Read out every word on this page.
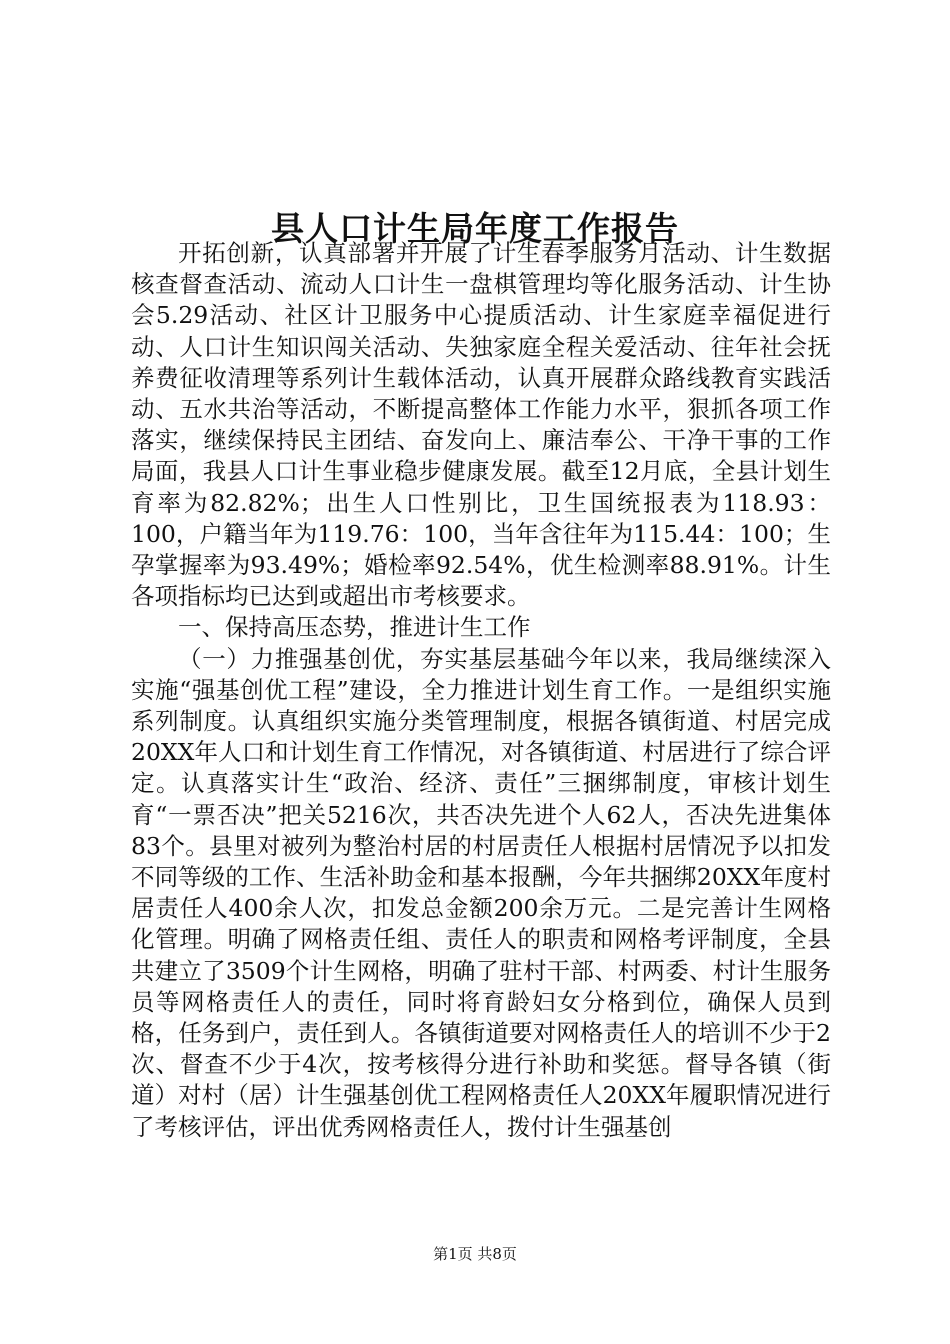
县人口计生局年度工作报告

开拓创新，认真部署并开展了计生春季服务月活动、计生数据核查督查活动、流动人口计生一盘棋管理均等化服务活动、计生协会5.29活动、社区计卫服务中心提质活动、计生家庭幸福促进行动、人口计生知识闯关活动、失独家庭全程关爱活动、往年社会抚养费征收清理等系列计生载体活动，认真开展群众路线教育实践活动、五水共治等活动，不断提高整体工作能力水平，狠抓各项工作落实，继续保持民主团结、奋发向上、廉洁奉公、干净干事的工作局面，我县人口计生事业稳步健康发展。截至12月底，全县计划生育率为82.82%；出生人口性别比，卫生国统报表为118.93：100，户籍当年为119.76：100，当年含往年为115.44：100；生孕掌握率为93.49%；婚检率92.54%，优生检测率88.91%。计生各项指标均已达到或超出市考核要求。

一、保持高压态势，推进计生工作

（一）力推强基创优，夯实基层基础今年以来，我局继续深入实施“强基创优工程”建设，全力推进计划生育工作。一是组织实施系列制度。认真组织实施分类管理制度，根据各镇街道、村居完成20XX年人口和计划生育工作情况，对各镇街道、村居进行了综合评定。认真落实计生“政治、经济、责任”三捆绑制度，审核计划生育“一票否决”把关5216次，共否决先进个人62人，否决先进集体83个。县里对被列为整治村居的村居责任人根据村居情况予以扣发不同等级的工作、生活补助金和基本报酬，今年共捆绑20XX年度村居责任人400余人次，扣发总金额200余万元。二是完善计生网格化管理。明确了网格责任组、责任人的职责和网格考评制度，全县共建立了3509个计生网格，明确了驻村干部、村两委、村计生服务员等网格责任人的责任，同时将育龄妇女分格到位，确保人员到格，任务到户，责任到人。各镇街道要对网格责任人的培训不少于2次、督查不少于4次，按考核得分进行补助和奖惩。督导各镇（街道）对村（居）计生强基创优工程网格责任人20XX年履职情况进行了考核评估，评出优秀网格责任人，拨付计生强基创

第1页 共8页
